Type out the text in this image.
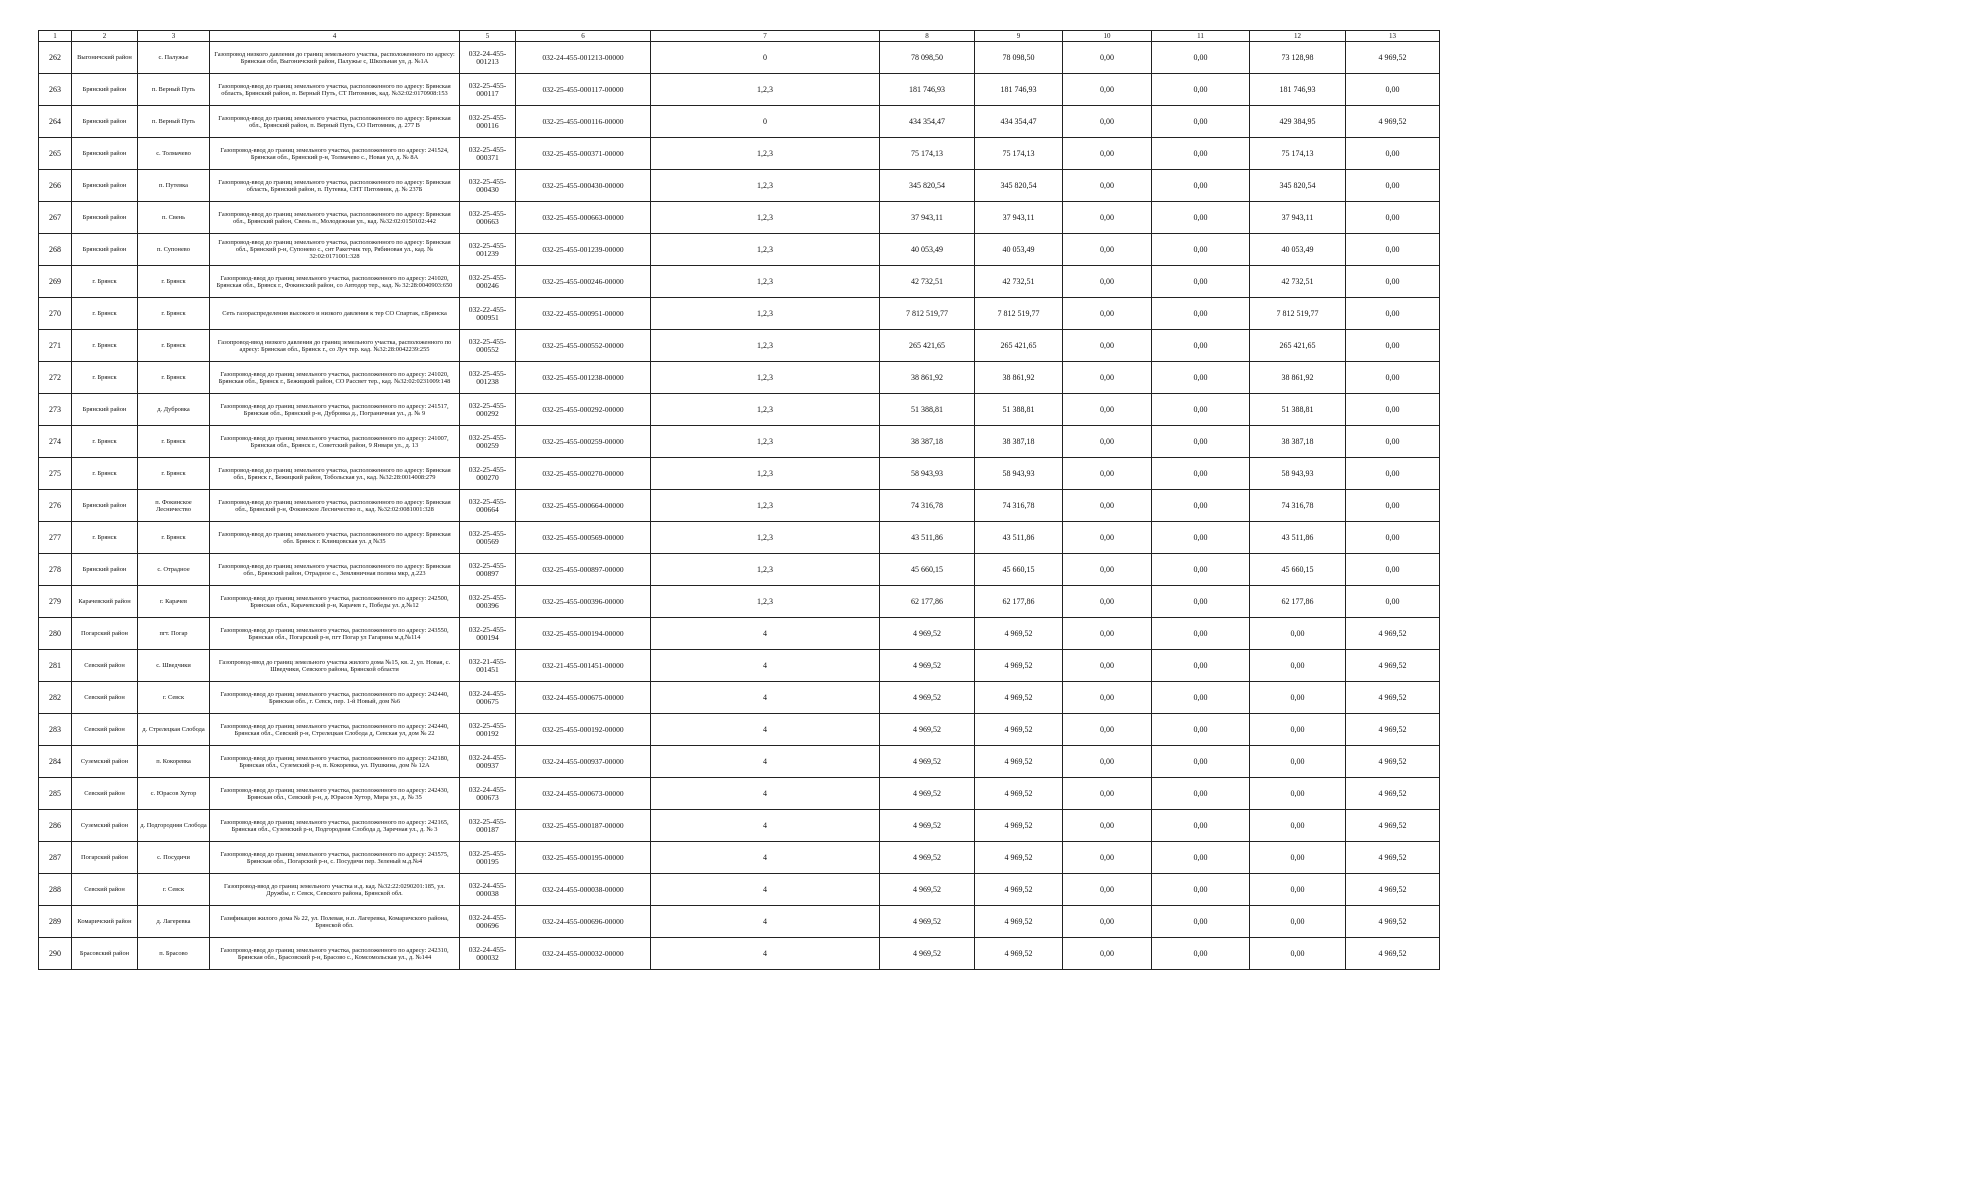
1	2	3	4	5	6	7	8	9	10	11	12	13
262	Выгоничский район	с. Палужье	Газопровод низкого давления до границ земельного участка, расположенного по адресу: Брянская обл, Выгоничский район, Палужье с, Школьная ул, д. №1А	032-24-455-001213	032-24-455-001213-00000	0	78 098,50	78 098,50	0,00	0,00	73 128,98	4 969,52
263	Брянский район	п. Верный Путь	Газопровод-ввод до границ земельного участка, расположенного по адресу: Брянская область, Брянский район, п. Верный Путь, СТ Питомник, кад. №32:02:0170908:153	032-25-455-000117	032-25-455-000117-00000	1,2,3	181 746,93	181 746,93	0,00	0,00	181 746,93	0,00
264	Брянский район	п. Верный Путь	Газопровод-ввод до границ земельного участка, расположенного по адресу: Брянская обл., Брянский район, п. Верный Путь, СО Питомник, д. 277 В	032-25-455-000116	032-25-455-000116-00000	0	434 354,47	434 354,47	0,00	0,00	429 384,95	4 969,52
265	Брянский район	с. Толмачево	Газопровод-ввод до границ земельного участка, расположенного по адресу: 241524, Брянская обл., Брянский р-н, Толмачево с., Новая ул, д. № 8А	032-25-455-000371	032-25-455-000371-00000	1,2,3	75 174,13	75 174,13	0,00	0,00	75 174,13	0,00
266	Брянский район	п. Путевка	Газопровод-ввод до границ земельного участка, расположенного по адресу: Брянская область, Брянский район, п. Путевка, СНТ Питомник, д. № 237Б	032-25-455-000430	032-25-455-000430-00000	1,2,3	345 820,54	345 820,54	0,00	0,00	345 820,54	0,00
267	Брянский район	п. Свень	Газопровод-ввод до границ земельного участка, расположенного по адресу: Брянская обл., Брянский район, Свень п., Молодежная ул., кад. №32:02:0150102:442	032-25-455-000663	032-25-455-000663-00000	1,2,3	37 943,11	37 943,11	0,00	0,00	37 943,11	0,00
268	Брянский район	п. Супонево	Газопровод-ввод до границ земельного участка, расположенного по адресу: Брянская обл., Брянский р-н, Супонево с., снт Ракетчик тер, Рябиновая ул., кад. № 32:02:0171001:328	032-25-455-001239	032-25-455-001239-00000	1,2,3	40 053,49	40 053,49	0,00	0,00	40 053,49	0,00
269	г. Брянск	г. Брянск	Газопровод-ввод до границ земельного участка, расположенного по адресу: 241020, Брянская обл., Брянск г., Фокинский район, со Автодор тер., кад. № 32:28:0040903:650	032-25-455-000246	032-25-455-000246-00000	1,2,3	42 732,51	42 732,51	0,00	0,00	42 732,51	0,00
270	г. Брянск	г. Брянск	Сеть газораспределения высокого и низкого давления к тер СО Спартак, г.Брянска	032-22-455-000951	032-22-455-000951-00000	1,2,3	7 812 519,77	7 812 519,77	0,00	0,00	7 812 519,77	0,00
271	г. Брянск	г. Брянск	Газопровод-ввод низкого давления до границ земельного участка, расположенного по адресу: Брянская обл., Брянск г., со Луч тер. кад. №32:28:0042239:255	032-25-455-000552	032-25-455-000552-00000	1,2,3	265 421,65	265 421,65	0,00	0,00	265 421,65	0,00
272	г. Брянск	г. Брянск	Газопровод-ввод до границ земельного участка, расположенного по адресу: 241020, Брянская обл., Брянск г., Бежицкий район, СО Рассвет тер., кад. №32:02:0231009:148	032-25-455-001238	032-25-455-001238-00000	1,2,3	38 861,92	38 861,92	0,00	0,00	38 861,92	0,00
273	Брянский район	д. Дубровка	Газопровод-ввод до границ земельного участка, расположенного по адресу: 241517, Брянская обл., Брянский р-н, Дубровка д., Пограничная ул., д. № 9	032-25-455-000292	032-25-455-000292-00000	1,2,3	51 388,81	51 388,81	0,00	0,00	51 388,81	0,00
274	г. Брянск	г. Брянск	Газопровод-ввод до границ земельного участка, расположенного по адресу: 241007, Брянская обл., Брянск г., Советский район, 9 Января ул., д. 13	032-25-455-000259	032-25-455-000259-00000	1,2,3	38 387,18	38 387,18	0,00	0,00	38 387,18	0,00
275	г. Брянск	г. Брянск	Газопровод-ввод до границ земельного участка, расположенного по адресу: Брянская обл., Брянск г., Бежицкий район, Тобольская ул., кад. №32:28:0014008:279	032-25-455-000270	032-25-455-000270-00000	1,2,3	58 943,93	58 943,93	0,00	0,00	58 943,93	0,00
276	Брянский район	п. Фокинское Лесничество	Газопровод-ввод до границ земельного участка, расположенного по адресу: Брянская обл., Брянский р-н, Фокинское Лесничество п., кад. №32:02:0081001:328	032-25-455-000664	032-25-455-000664-00000	1,2,3	74 316,78	74 316,78	0,00	0,00	74 316,78	0,00
277	г. Брянск	г. Брянск	Газопровод-ввод до границ земельного участка, расположенного по адресу: Брянская обл. Брянск г. Клинцовская ул. д №35	032-25-455-000569	032-25-455-000569-00000	1,2,3	43 511,86	43 511,86	0,00	0,00	43 511,86	0,00
278	Брянский район	с. Отрадное	Газопровод-ввод до границ земельного участка, расположенного по адресу: Брянская обл., Брянский район, Отрадное с., Земляничная поляна мкр, д.223	032-25-455-000897	032-25-455-000897-00000	1,2,3	45 660,15	45 660,15	0,00	0,00	45 660,15	0,00
279	Карачевский район	г. Карачев	Газопровод-ввод до границ земельного участка, расположенного по адресу: 242500, Брянская обл., Карачевский р-н, Карачев г., Победы ул. д.№12	032-25-455-000396	032-25-455-000396-00000	1,2,3	62 177,86	62 177,86	0,00	0,00	62 177,86	0,00
280	Погарский район	пгт. Погар	Газопровод-ввод до границ земельного участка, расположенного по адресу: 243550, Брянская обл., Погарский р-н, пгт Погар ул Гагарина м.д.№114	032-25-455-000194	032-25-455-000194-00000	4	4 969,52	4 969,52	0,00	0,00	0,00	4 969,52
281	Севский район	с. Шведчики	Газопровод-ввод до границ земельного участка жилого дома №15, кв. 2, ул. Новая, с. Шведчики, Севского района, Брянской области	032-21-455-001451	032-21-455-001451-00000	4	4 969,52	4 969,52	0,00	0,00	0,00	4 969,52
282	Севский район	г. Севск	Газопровод-ввод до границ земельного участка, расположенного по адресу: 242440, Брянская обл., г. Севск, пер. 1-й Новый, дом №6	032-24-455-000675	032-24-455-000675-00000	4	4 969,52	4 969,52	0,00	0,00	0,00	4 969,52
283	Севский район	д. Стрелецкая Слобода	Газопровод-ввод до границ земельного участка, расположенного по адресу: 242440, Брянская обл., Севский р-н, Стрелецкая Слобода д, Севская ул, дом № 22	032-25-455-000192	032-25-455-000192-00000	4	4 969,52	4 969,52	0,00	0,00	0,00	4 969,52
284	Суземский район	п. Кокоревка	Газопровод-ввод до границ земельного участка, расположенного по адресу: 242180, Брянская обл., Суземский р-н, п. Кокоревка, ул. Пушкина, дом № 12А	032-24-455-000937	032-24-455-000937-00000	4	4 969,52	4 969,52	0,00	0,00	0,00	4 969,52
285	Севский район	с. Юрасов Хутор	Газопровод-ввод до границ земельного участка, расположенного по адресу: 242430, Брянская обл., Севский р-н, д. Юрасов Хутор, Мира ул., д. № 35	032-24-455-000673	032-24-455-000673-00000	4	4 969,52	4 969,52	0,00	0,00	0,00	4 969,52
286	Суземский район	д. Подгородняя Слобода	Газопровод-ввод до границ земельного участка, расположенного по адресу: 242165, Брянская обл., Суземский р-н, Подгородняя Слобода д, Заречная ул., д. № 3	032-25-455-000187	032-25-455-000187-00000	4	4 969,52	4 969,52	0,00	0,00	0,00	4 969,52
287	Погарский район	с. Посудичи	Газопровод-ввод до границ земельного участка, расположенного по адресу: 243575, Брянская обл., Погарский р-н, с. Посудичи пер. Зеленый м.д.№4	032-25-455-000195	032-25-455-000195-00000	4	4 969,52	4 969,52	0,00	0,00	0,00	4 969,52
288	Севский район	г. Севск	Газопровод-ввод до границ земельного участка и.д. кад. №32:22:0290201:185, ул. Дружбы, г. Севск, Севского района, Брянской обл.	032-24-455-000038	032-24-455-000038-00000	4	4 969,52	4 969,52	0,00	0,00	0,00	4 969,52
289	Комаричский район	д. Лагеревка	Газификация жилого дома № 22, ул. Полевая, н.п. Лагеревка, Комаричского района, Брянской обл.	032-24-455-000696	032-24-455-000696-00000	4	4 969,52	4 969,52	0,00	0,00	0,00	4 969,52
290	Брасовский район	п. Брасово	Газопровод-ввод до границ земельного участка, расположенного по адресу: 242310, Брянская обл., Брасовский р-н, Брасово с., Комсомольская ул., д. №144	032-24-455-000032	032-24-455-000032-00000	4	4 969,52	4 969,52	0,00	0,00	0,00	4 969,52
